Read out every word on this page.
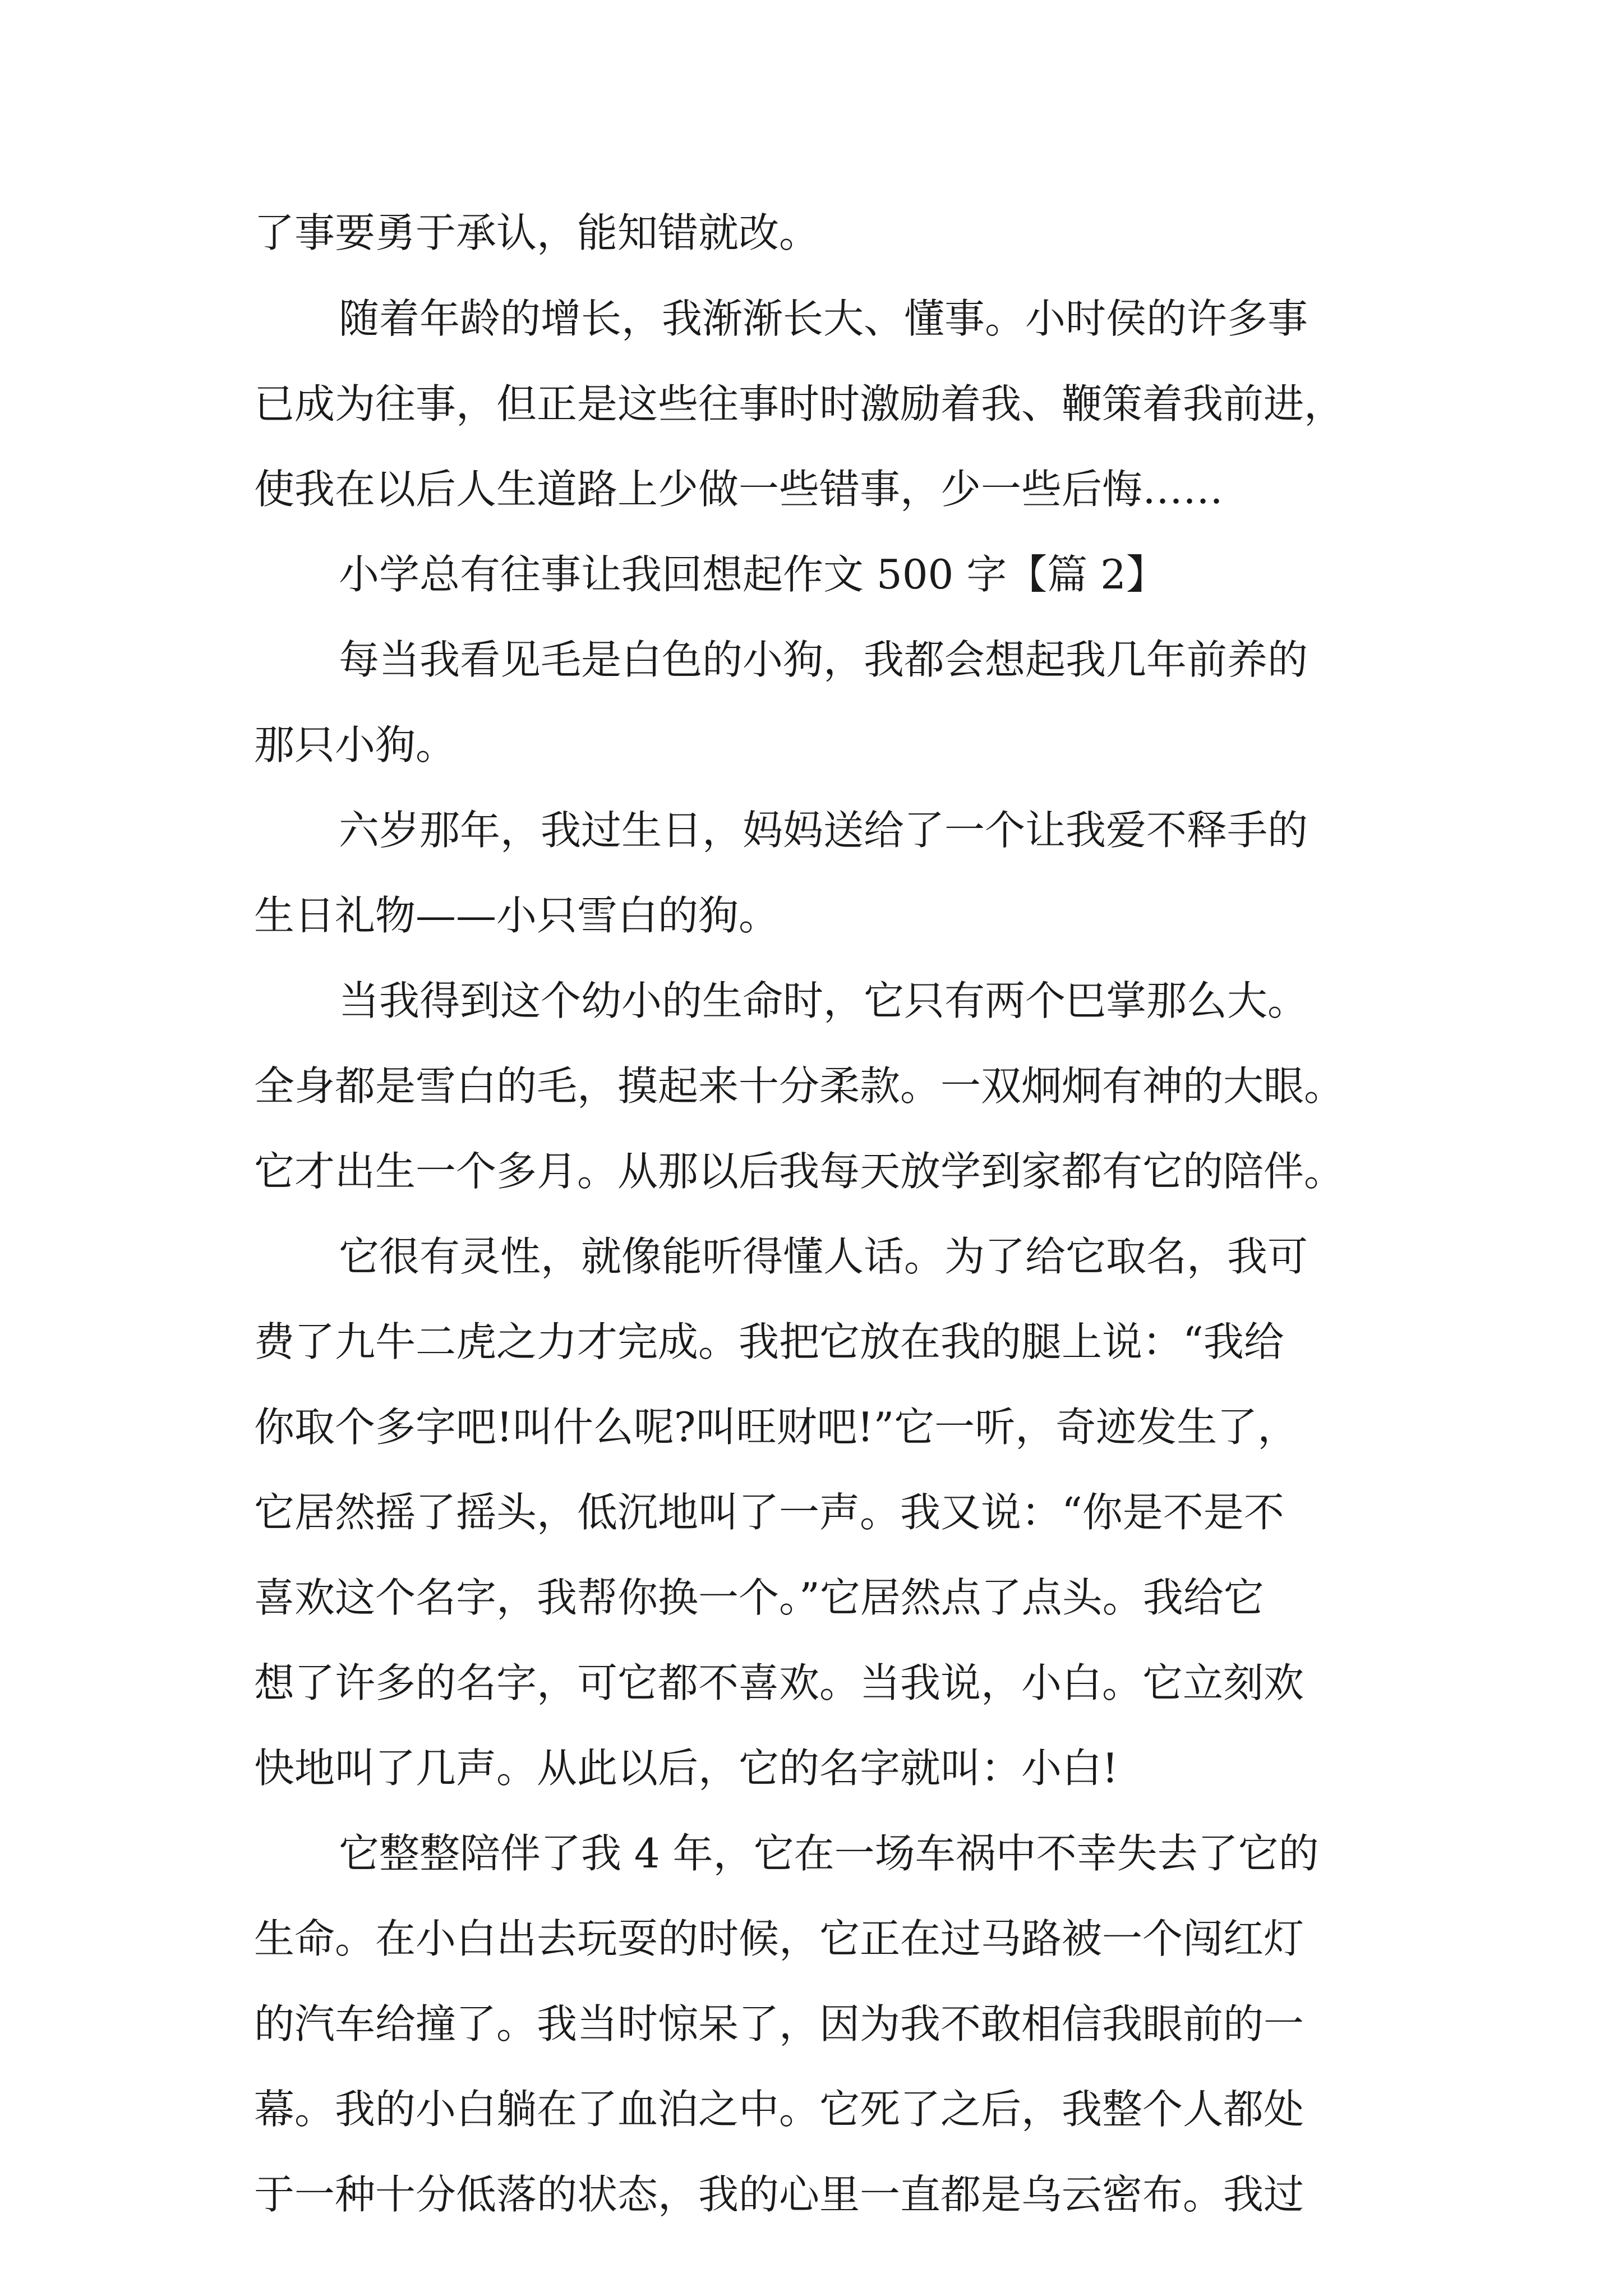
了事要勇于承认，能知错就改。

随着年龄的增长，我渐渐长大、懂事。小时侯的许多事

已成为往事，但正是这些往事时时激励着我、鞭策着我前进，

使我在以后人生道路上少做一些错事，少一些后悔……

小学总有往事让我回想起作文 500 字【篇 2】

每当我看见毛是白色的小狗，我都会想起我几年前养的

那只小狗。

六岁那年，我过生日，妈妈送给了一个让我爱不释手的

生日礼物——小只雪白的狗。

当我得到这个幼小的生命时，它只有两个巴掌那么大。

全身都是雪白的毛，摸起来十分柔款。一双炯炯有神的大眼。

它才出生一个多月。从那以后我每天放学到家都有它的陪伴。

它很有灵性，就像能听得懂人话。为了给它取名，我可

费了九牛二虎之力才完成。我把它放在我的腿上说：“我给

你取个多字吧!叫什么呢?叫旺财吧!”它一听，奇迹发生了，

它居然摇了摇头，低沉地叫了一声。我又说：“你是不是不

喜欢这个名字，我帮你换一个。”它居然点了点头。我给它

想了许多的名字，可它都不喜欢。当我说，小白。它立刻欢

快地叫了几声。从此以后，它的名字就叫：小白!

它整整陪伴了我 4 年，它在一场车祸中不幸失去了它的

生命。在小白出去玩耍的时候，它正在过马路被一个闯红灯

的汽车给撞了。我当时惊呆了，因为我不敢相信我眼前的一

幕。我的小白躺在了血泊之中。它死了之后，我整个人都处

于一种十分低落的状态，我的心里一直都是乌云密布。我过
